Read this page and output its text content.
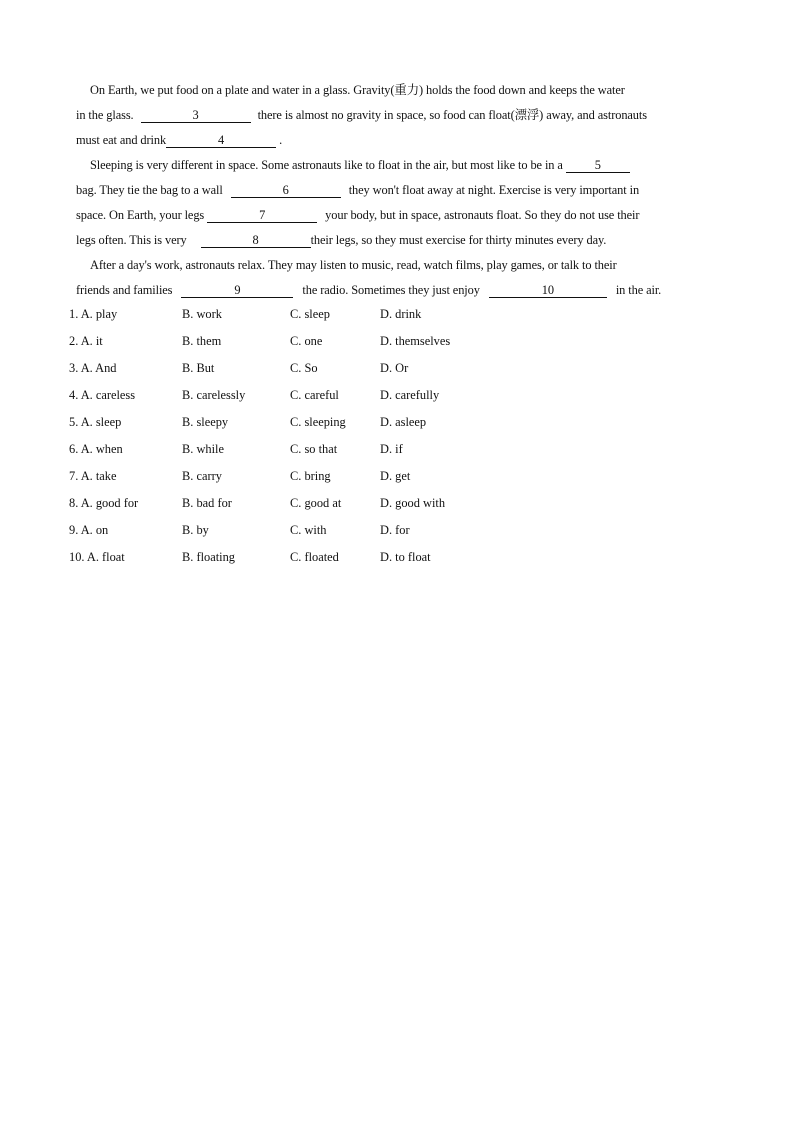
On Earth, we put food on a plate and water in a glass. Gravity(重力) holds the food down and keeps the water
in the glass.	3	there is almost no gravity in space, so food can float(漂浮) away, and astronauts
must eat and drink	4	.
Sleeping is very different in space. Some astronauts like to float in the air, but most like to be in a	5
bag. They tie the bag to a wall	6	they won't float away at night. Exercise is very important in
space. On Earth, your legs	7	your body, but in space, astronauts float. So they do not use their
legs often. This is very	8	their legs, so they must exercise for thirty minutes every day.
After a day's work, astronauts relax. They may listen to music, read, watch films, play games, or talk to their
friends and families	9	the radio. Sometimes they just enjoy	10	in the air.
1. A. play	B. work	C. sleep	D. drink
2. A. it	B. them	C. one	D. themselves
3. A. And	B. But	C. So	D. Or
4. A. careless	B. carelessly	C. careful	D. carefully
5. A. sleep	B. sleepy	C. sleeping	D. asleep
6. A. when	B. while	C. so that	D. if
7. A. take	B. carry	C. bring	D. get
8. A. good for	B. bad for	C. good at	D. good with
9. A. on	B. by	C. with	D. for
10. A. float	B. floating	C. floated	D. to float
